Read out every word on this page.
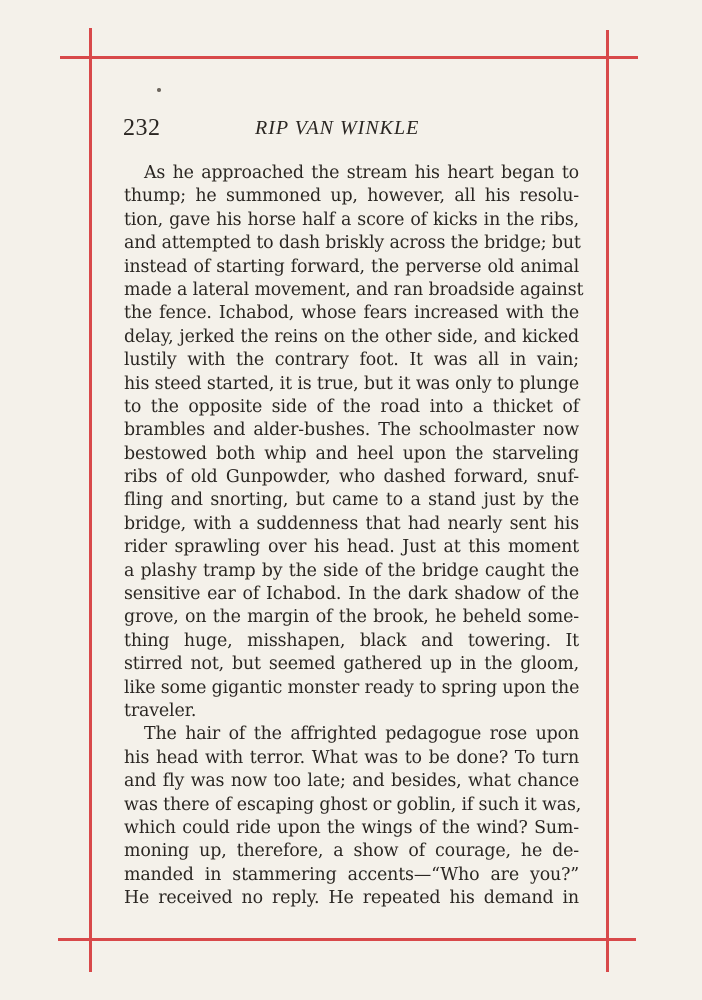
232	RIP VAN WINKLE
As he approached the stream his heart began to
thump; he summoned up, however, all his resolu-
tion, gave his horse half a score of kicks in the ribs,
and attempted to dash briskly across the bridge; but
instead of starting forward, the perverse old animal
made a lateral movement, and ran broadside against
the fence. Ichabod, whose fears increased with the
delay, jerked the reins on the other side, and kicked
lustily with the contrary foot. It was all in vain;
his steed started, it is true, but it was only to plunge
to the opposite side of the road into a thicket of
brambles and alder-bushes. The schoolmaster now
bestowed both whip and heel upon the starveling
ribs of old Gunpowder, who dashed forward, snuf-
fling and snorting, but came to a stand just by the
bridge, with a suddenness that had nearly sent his
rider sprawling over his head. Just at this moment
a plashy tramp by the side of the bridge caught the
sensitive ear of Ichabod. In the dark shadow of the
grove, on the margin of the brook, he beheld some-
thing huge, misshapen, black and towering. It
stirred not, but seemed gathered up in the gloom,
like some gigantic monster ready to spring upon the
traveler.
The hair of the affrighted pedagogue rose upon
his head with terror. What was to be done? To turn
and fly was now too late; and besides, what chance
was there of escaping ghost or goblin, if such it was,
which could ride upon the wings of the wind? Sum-
moning up, therefore, a show of courage, he de-
manded in stammering accents—“Who are you?”
He received no reply. He repeated his demand in
